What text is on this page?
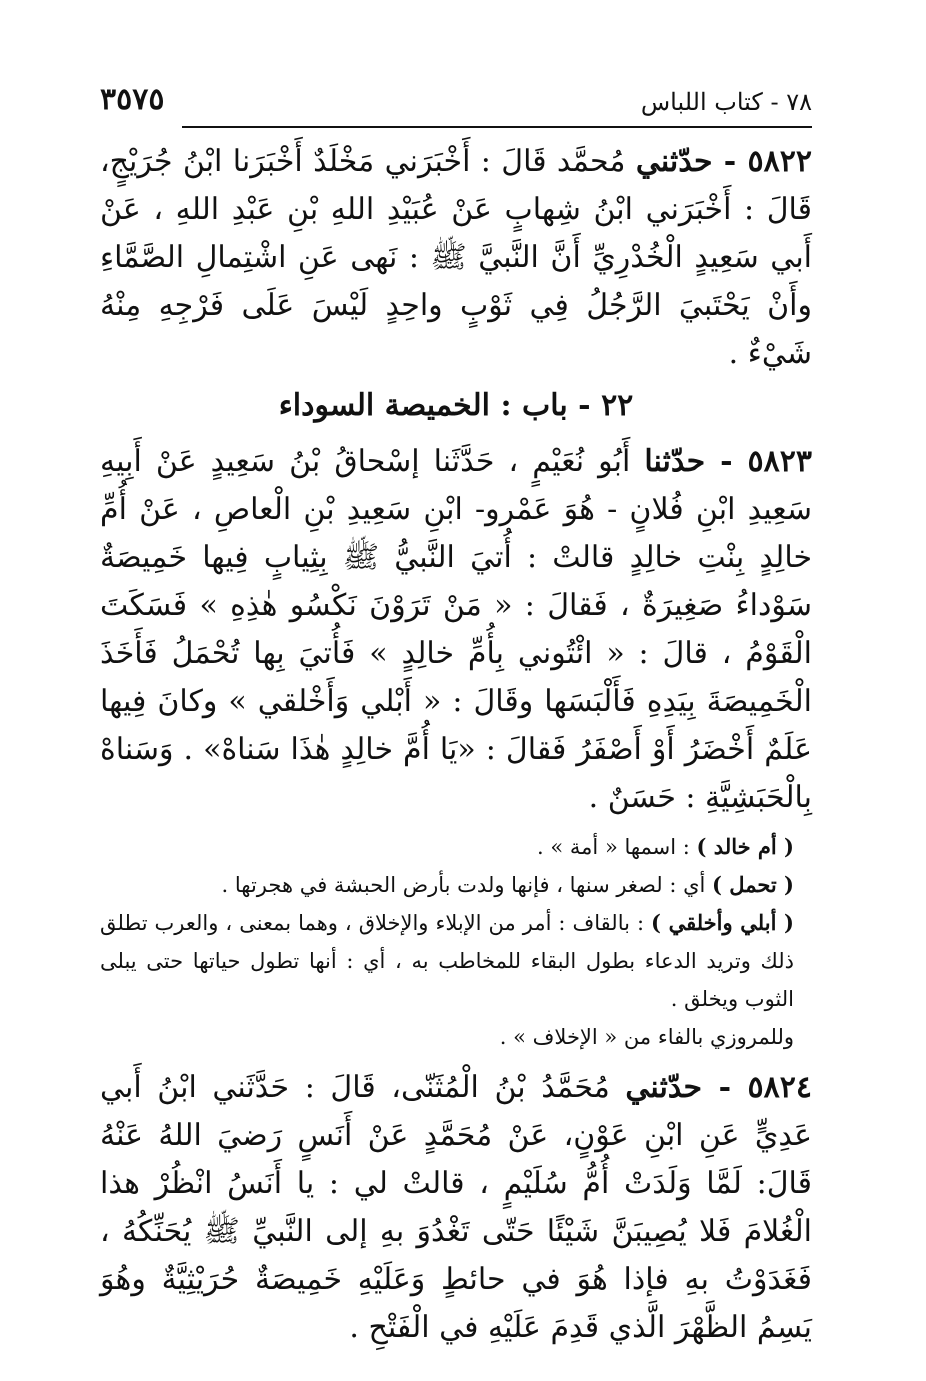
٧٨ - كتاب اللباس
٣٥٧٥

٥٨٢٢ - حدّثني مُحمَّد قَالَ : أَخْبَرَني مَخْلَدٌ أَخْبَرَنا ابْنُ جُرَيْجٍ، قَالَ : أَخْبَرَني ابْنُ شِهابٍ عَنْ عُبَيْدِ اللهِ بْنِ عَبْدِ اللهِ ، عَنْ أَبي سَعِيدٍ الْخُدْرِيِّ أَنَّ النَّبيَّ ﷺ : نَهى عَنِ اشْتِمالِ الصَّمَّاءِ وأَنْ يَحْتَبيَ الرَّجُلُ فِي ثَوْبٍ واحِدٍ لَيْسَ عَلَى فَرْجِهِ مِنْهُ شَيْءٌ .

٢٢ - باب : الخميصة السوداء

٥٨٢٣ - حدّثنا أَبُو نُعَيْمٍ ، حَدَّثَنا إسْحاقُ بْنُ سَعِيدٍ عَنْ أَبِيهِ سَعِيدِ ابْنِ فُلانٍ - هُوَ عَمْرو- ابْنِ سَعِيدِ بْنِ الْعاصِ ، عَنْ أُمِّ خالِدٍ بِنْتِ خالِدٍ قالتْ : أُتيَ النَّبيُّ ﷺ بِثِيابٍ فِيها خَمِيصَةٌ سَوْداءُ صَغِيرَةٌ ، فَقالَ : « مَنْ تَرَوْنَ نَكْسُو هٰذِهِ » فَسَكَتَ الْقَوْمُ ، قالَ : « ائْتُوني بِأُمِّ خالِدٍ » فَأُتيَ بِها تُحْمَلُ فَأَخَذَ الْخَمِيصَةَ بِيَدِهِ فَأَلْبَسَها وقَالَ : « أَبْلي وَأَخْلقي » وكانَ فِيها عَلَمٌ أَخْضَرُ أَوْ أَصْفَرُ فَقالَ : «يَا أُمَّ خالِدٍ هٰذَا سَناهْ» . وَسَناهْ بِالْحَبَشِيَّةِ : حَسَنٌ .

( أم خالد ) : اسمها « أمة » .

( تحمل ) أي : لصغر سنها ، فإنها ولدت بأرض الحبشة في هجرتها .

( أبلي وأخلقي ) : بالقاف : أمر من الإبلاء والإخلاق ، وهما بمعنى ، والعرب تطلق ذلك وتريد الدعاء بطول البقاء للمخاطب به ، أي : أنها تطول حياتها حتى يبلى الثوب ويخلق .

وللمروزي بالفاء من « الإخلاف » .

٥٨٢٤ - حدّثني مُحَمَّدُ بْنُ الْمُثَنّى، قَالَ : حَدَّثَني ابْنُ أَبي عَدِيٍّ عَنِ ابْنِ عَوْنٍ، عَنْ مُحَمَّدٍ عَنْ أَنَسٍ رَضيَ اللهُ عَنْهُ قَالَ: لَمَّا وَلَدَتْ أُمُّ سُلَيْمٍ ، قالتْ لي : يا أَنَسُ انْظُرْ هذا الْغُلامَ فَلا يُصِيبَنَّ شَيْئًا حَتّى تَغْدُوَ بهِ إلى النَّبيِّ ﷺ يُحَنِّكُهُ ، فَغَدَوْتُ بهِ فإذا هُوَ في حائطٍ وَعَلَيْهِ خَمِيصَةٌ حُرَيْثِيَّةٌ وهُوَ يَسِمُ الظَّهْرَ الَّذي قَدِمَ عَلَيْهِ في الْفَتْحِ .
